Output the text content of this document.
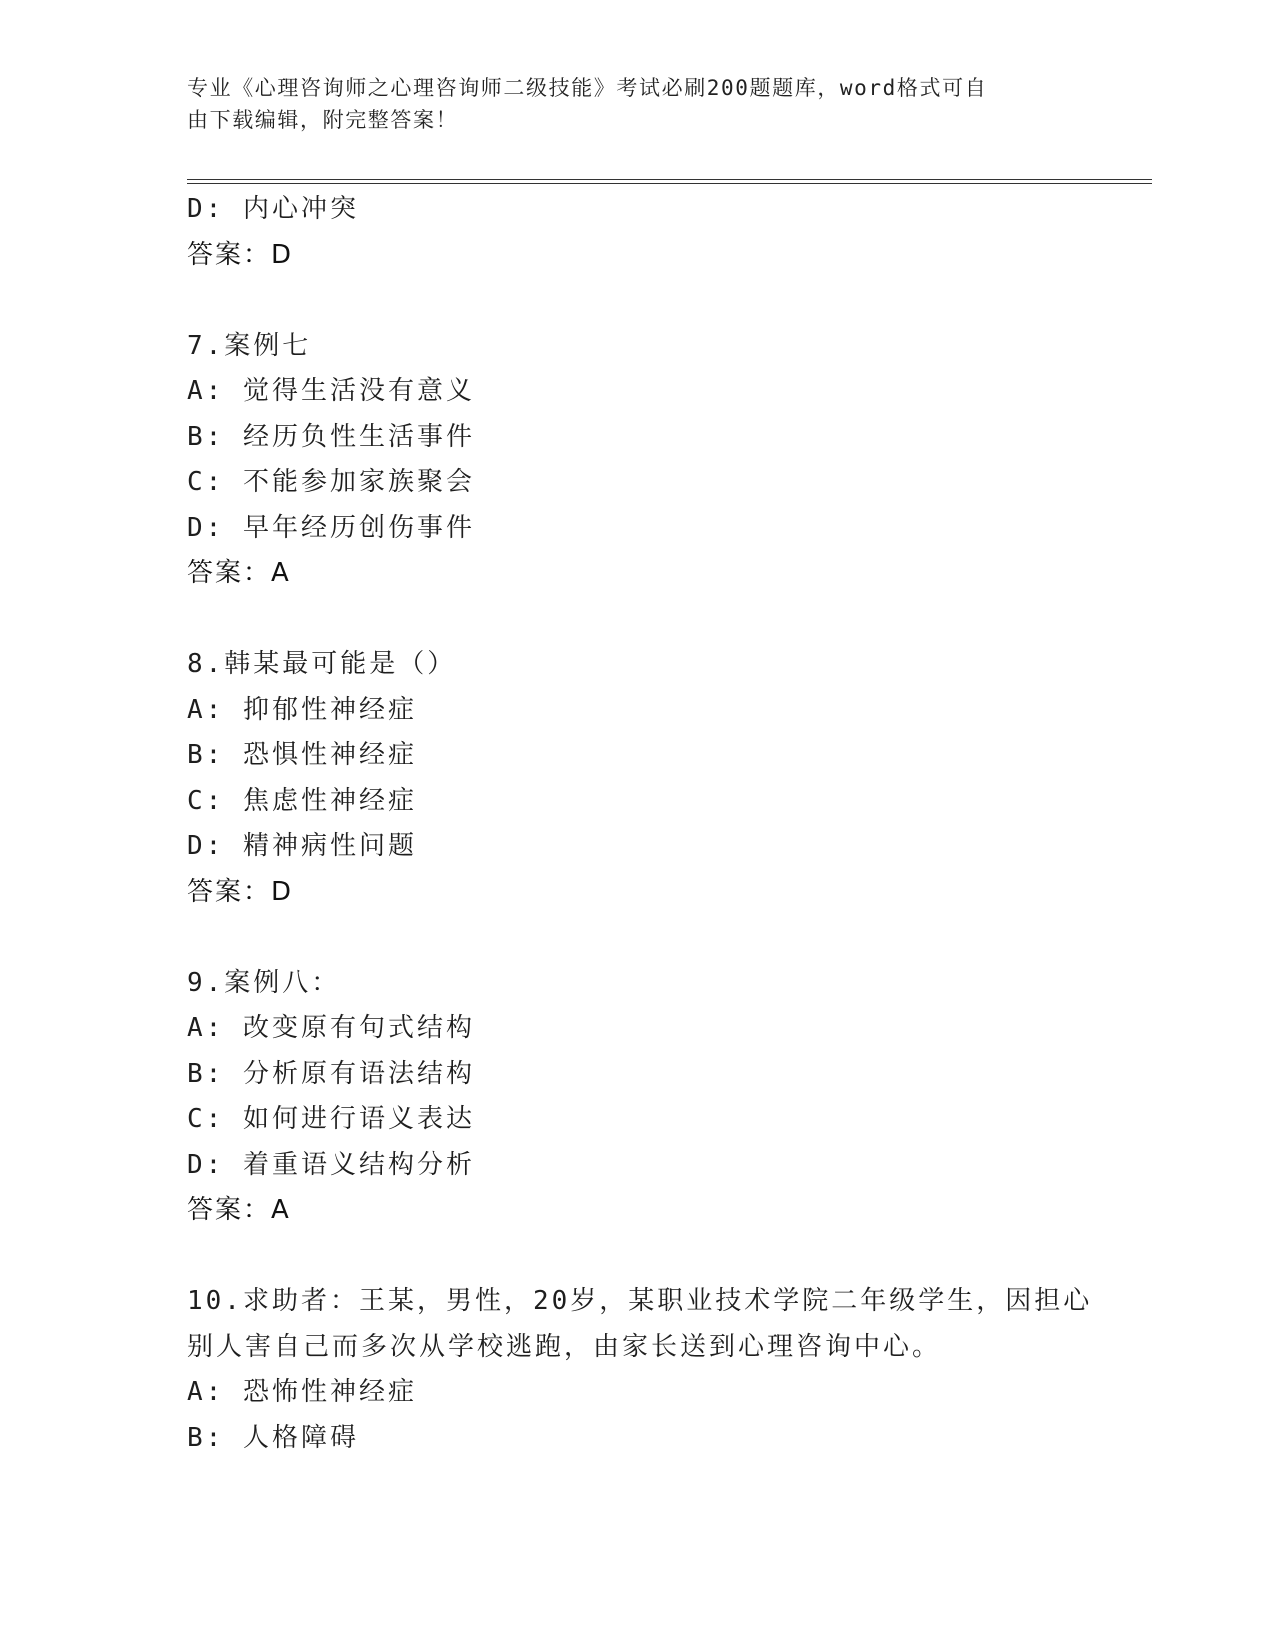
专业《心理咨询师之心理咨询师二级技能》考试必刷200题题库，word格式可自
由下载编辑，附完整答案！
D: 内心冲突
答案：D
7.案例七
A: 觉得生活没有意义
B: 经历负性生活事件
C: 不能参加家族聚会
D: 早年经历创伤事件
答案：A
8.韩某最可能是（）
A: 抑郁性神经症
B: 恐惧性神经症
C: 焦虑性神经症
D: 精神病性问题
答案：D
9.案例八：
A: 改变原有句式结构
B: 分析原有语法结构
C: 如何进行语义表达
D: 着重语义结构分析
答案：A
10.求助者：王某，男性，20岁，某职业技术学院二年级学生，因担心
别人害自己而多次从学校逃跑，由家长送到心理咨询中心。
A: 恐怖性神经症
B: 人格障碍
